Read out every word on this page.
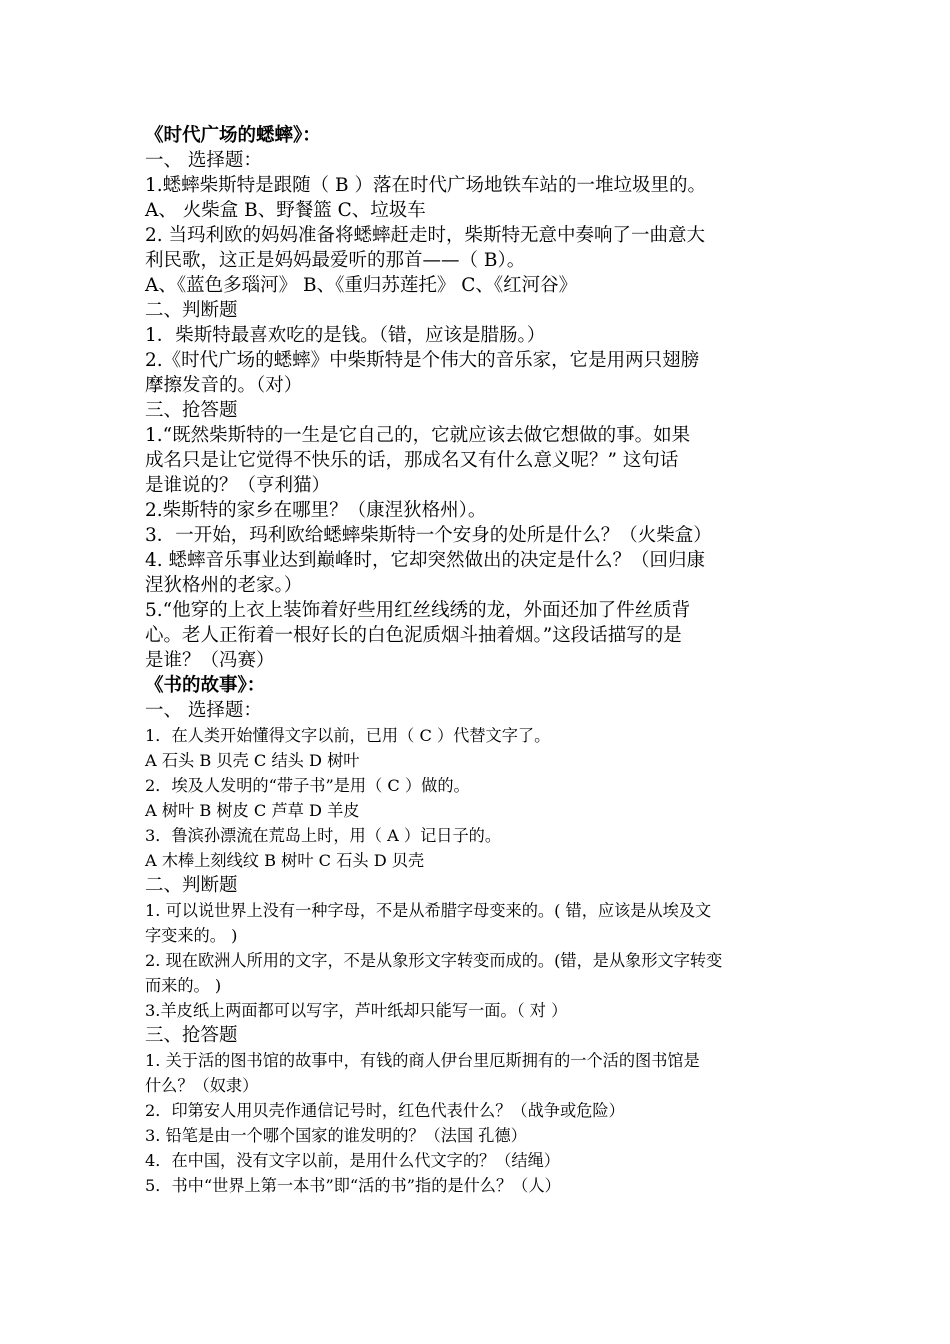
《时代广场的蟋蟀》：
一、 选择题：
1.蟋蟀柴斯特是跟随（ B ）落在时代广场地铁车站的一堆垃圾里的。
A、 火柴盒 B、野餐篮 C、垃圾车
2. 当玛利欧的妈妈准备将蟋蟀赶走时，柴斯特无意中奏响了一曲意大
利民歌，这正是妈妈最爱听的那首——（ B）。
A、《蓝色多瑙河》 B、《重归苏莲托》 C、《红河谷》
二、判断题
1．柴斯特最喜欢吃的是钱。（错，应该是腊肠。）
2.《时代广场的蟋蟀》中柴斯特是个伟大的音乐家，它是用两只翅膀
摩擦发音的。（对）
三、抢答题
1.“既然柴斯特的一生是它自己的，它就应该去做它想做的事。如果
成名只是让它觉得不快乐的话，那成名又有什么意义呢？” 这句话
是谁说的？（亨利猫）
2.柴斯特的家乡在哪里？（康涅狄格州）。
3．一开始，玛利欧给蟋蟀柴斯特一个安身的处所是什么？（火柴盒）
4. 蟋蟀音乐事业达到巅峰时，它却突然做出的决定是什么？（回归康
涅狄格州的老家。）
5.“他穿的上衣上装饰着好些用红丝线绣的龙，外面还加了件丝质背
心。老人正衔着一根好长的白色泥质烟斗抽着烟。”这段话描写的是
是谁？（冯赛）
《书的故事》：
一、 选择题：
1．在人类开始懂得文字以前，已用（ C ）代替文字了。
A 石头 B 贝壳 C 结头 D 树叶
2．埃及人发明的“带子书”是用（ C ）做的。
A 树叶 B 树皮 C 芦草 D 羊皮
3．鲁滨孙漂流在荒岛上时，用（ A ）记日子的。
A 木棒上刻线纹 B 树叶 C 石头 D 贝壳
二、判断题
1. 可以说世界上没有一种字母，不是从希腊字母变来的。( 错，应该是从埃及文
字变来的。 )
2. 现在欧洲人所用的文字，不是从象形文字转变而成的。(错，是从象形文字转变
而来的。 )
3.羊皮纸上两面都可以写字，芦叶纸却只能写一面。（ 对 ）
三、抢答题
1. 关于活的图书馆的故事中，有钱的商人伊台里厄斯拥有的一个活的图书馆是
什么？（奴隶）
2．印第安人用贝壳作通信记号时，红色代表什么？（战争或危险）
3. 铅笔是由一个哪个国家的谁发明的？（法国 孔德）
4．在中国，没有文字以前，是用什么代文字的？（结绳）
5．书中“世界上第一本书”即“活的书”指的是什么？（人）
